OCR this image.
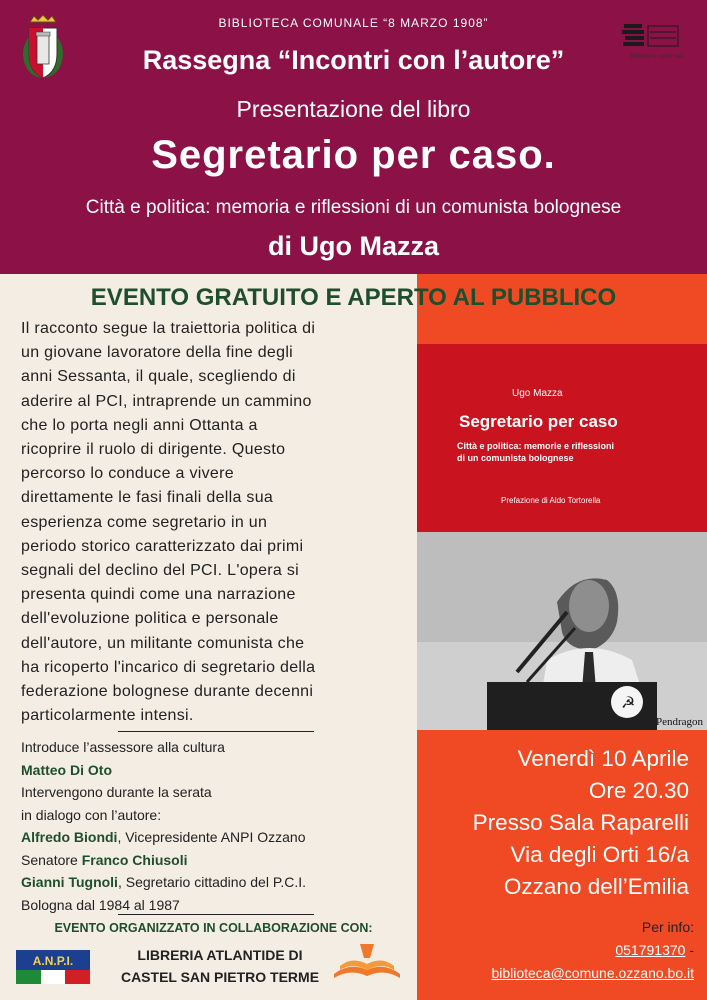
BIBLIOTECA COMUNALE “8 MARZO 1908”
Rassegna “Incontri con l’autore”
Presentazione del libro
Segretario per caso.
Città e politica: memoria e riflessioni di un comunista bolognese
di Ugo Mazza
Biblioteca comunale
Ugo Mazza
Segretario per caso
Città e politica: memorie e riflessioni
di un comunista bolognese
Prefazione di Aldo Tortorella
☭
Pendragon
EVENTO GRATUITO E APERTO AL PUBBLICO
Il racconto segue la traiettoria politica di
un giovane lavoratore della fine degli
anni Sessanta, il quale, scegliendo di
aderire al PCI, intraprende un cammino
che lo porta negli anni Ottanta a
ricoprire il ruolo di dirigente. Questo
percorso lo conduce a vivere
direttamente le fasi finali della sua
esperienza come segretario in un
periodo storico caratterizzato dai primi
segnali del declino del PCI. L'opera si
presenta quindi come una narrazione
dell'evoluzione politica e personale
dell'autore, un militante comunista che
ha ricoperto l'incarico di segretario della
federazione bolognese durante decenni
particolarmente intensi.
Introduce l’assessore alla cultura
Matteo Di Oto
Intervengono durante la serata
in dialogo con l’autore:
Alfredo Biondi, Vicepresidente ANPI Ozzano
Senatore Franco Chiusoli
Gianni Tugnoli, Segretario cittadino del P.C.I.
Bologna dal 1984 al 1987
EVENTO ORGANIZZATO IN COLLABORAZIONE CON:
LIBRERIA ATLANTIDE DI
CASTEL SAN PIETRO TERME
A.N.P.I.
Venerdì 10 Aprile
Ore 20.30
Presso Sala Raparelli
Via degli Orti 16/a
Ozzano dell’Emilia
Per info:
051791370 -
biblioteca@comune.ozzano.bo.it
